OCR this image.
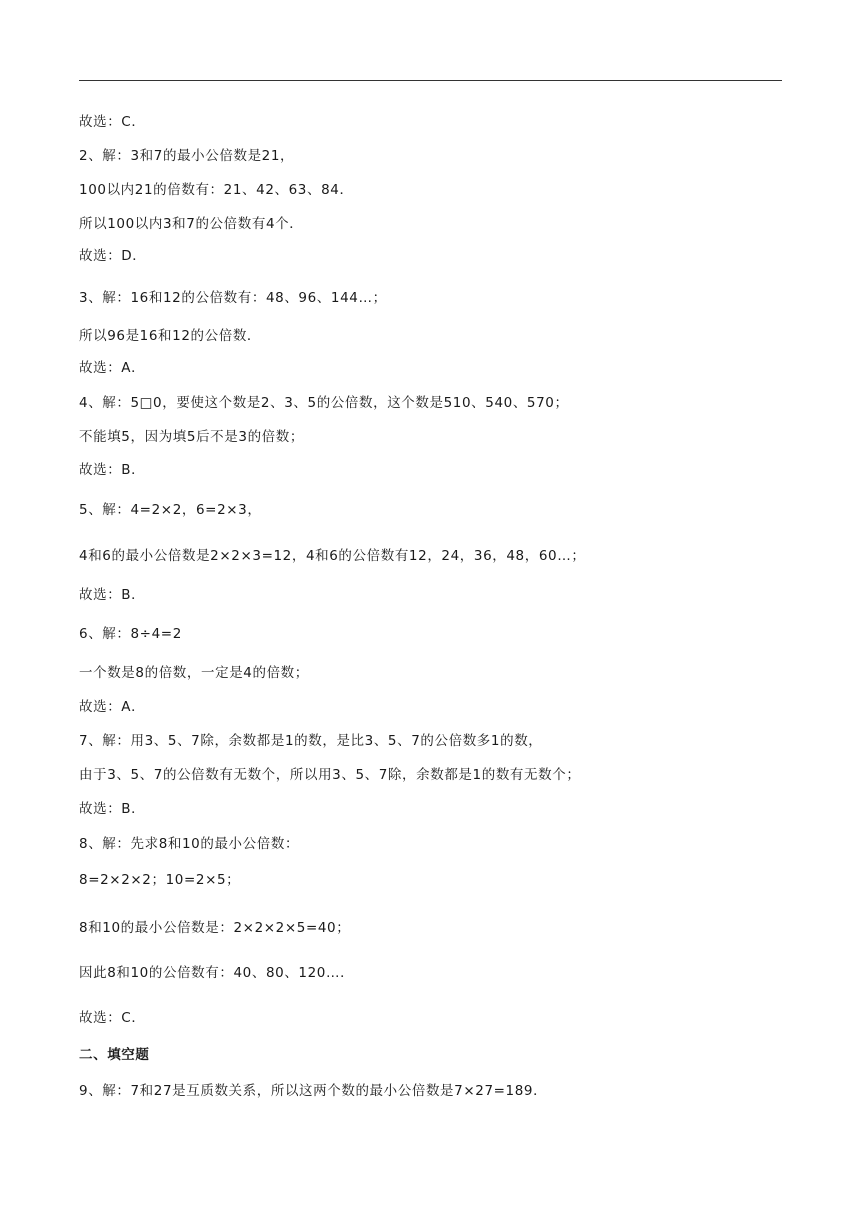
故选：C．
2、解：3和7的最小公倍数是21，
100以内21的倍数有：21、42、63、84．
所以100以内3和7的公倍数有4个．
故选：D．
3、解：16和12的公倍数有：48、96、144…；
所以96是16和12的公倍数．
故选：A．
4、解：5□0，要使这个数是2、3、5的公倍数，这个数是510、540、570；
不能填5，因为填5后不是3的倍数；
故选：B．
5、解：4=2×2，6=2×3，
4和6的最小公倍数是2×2×3=12，4和6的公倍数有12，24，36，48，60…；
故选：B．
6、解：8÷4=2
一个数是8的倍数，一定是4的倍数；
故选：A．
7、解：用3、5、7除，余数都是1的数，是比3、5、7的公倍数多1的数，
由于3、5、7的公倍数有无数个，所以用3、5、7除，余数都是1的数有无数个；
故选：B．
8、解：先求8和10的最小公倍数：
8=2×2×2；10=2×5；
8和10的最小公倍数是：2×2×2×5=40；
因此8和10的公倍数有：40、80、120…．
故选：C．
二、填空题
9、解：7和27是互质数关系，所以这两个数的最小公倍数是7×27=189．
